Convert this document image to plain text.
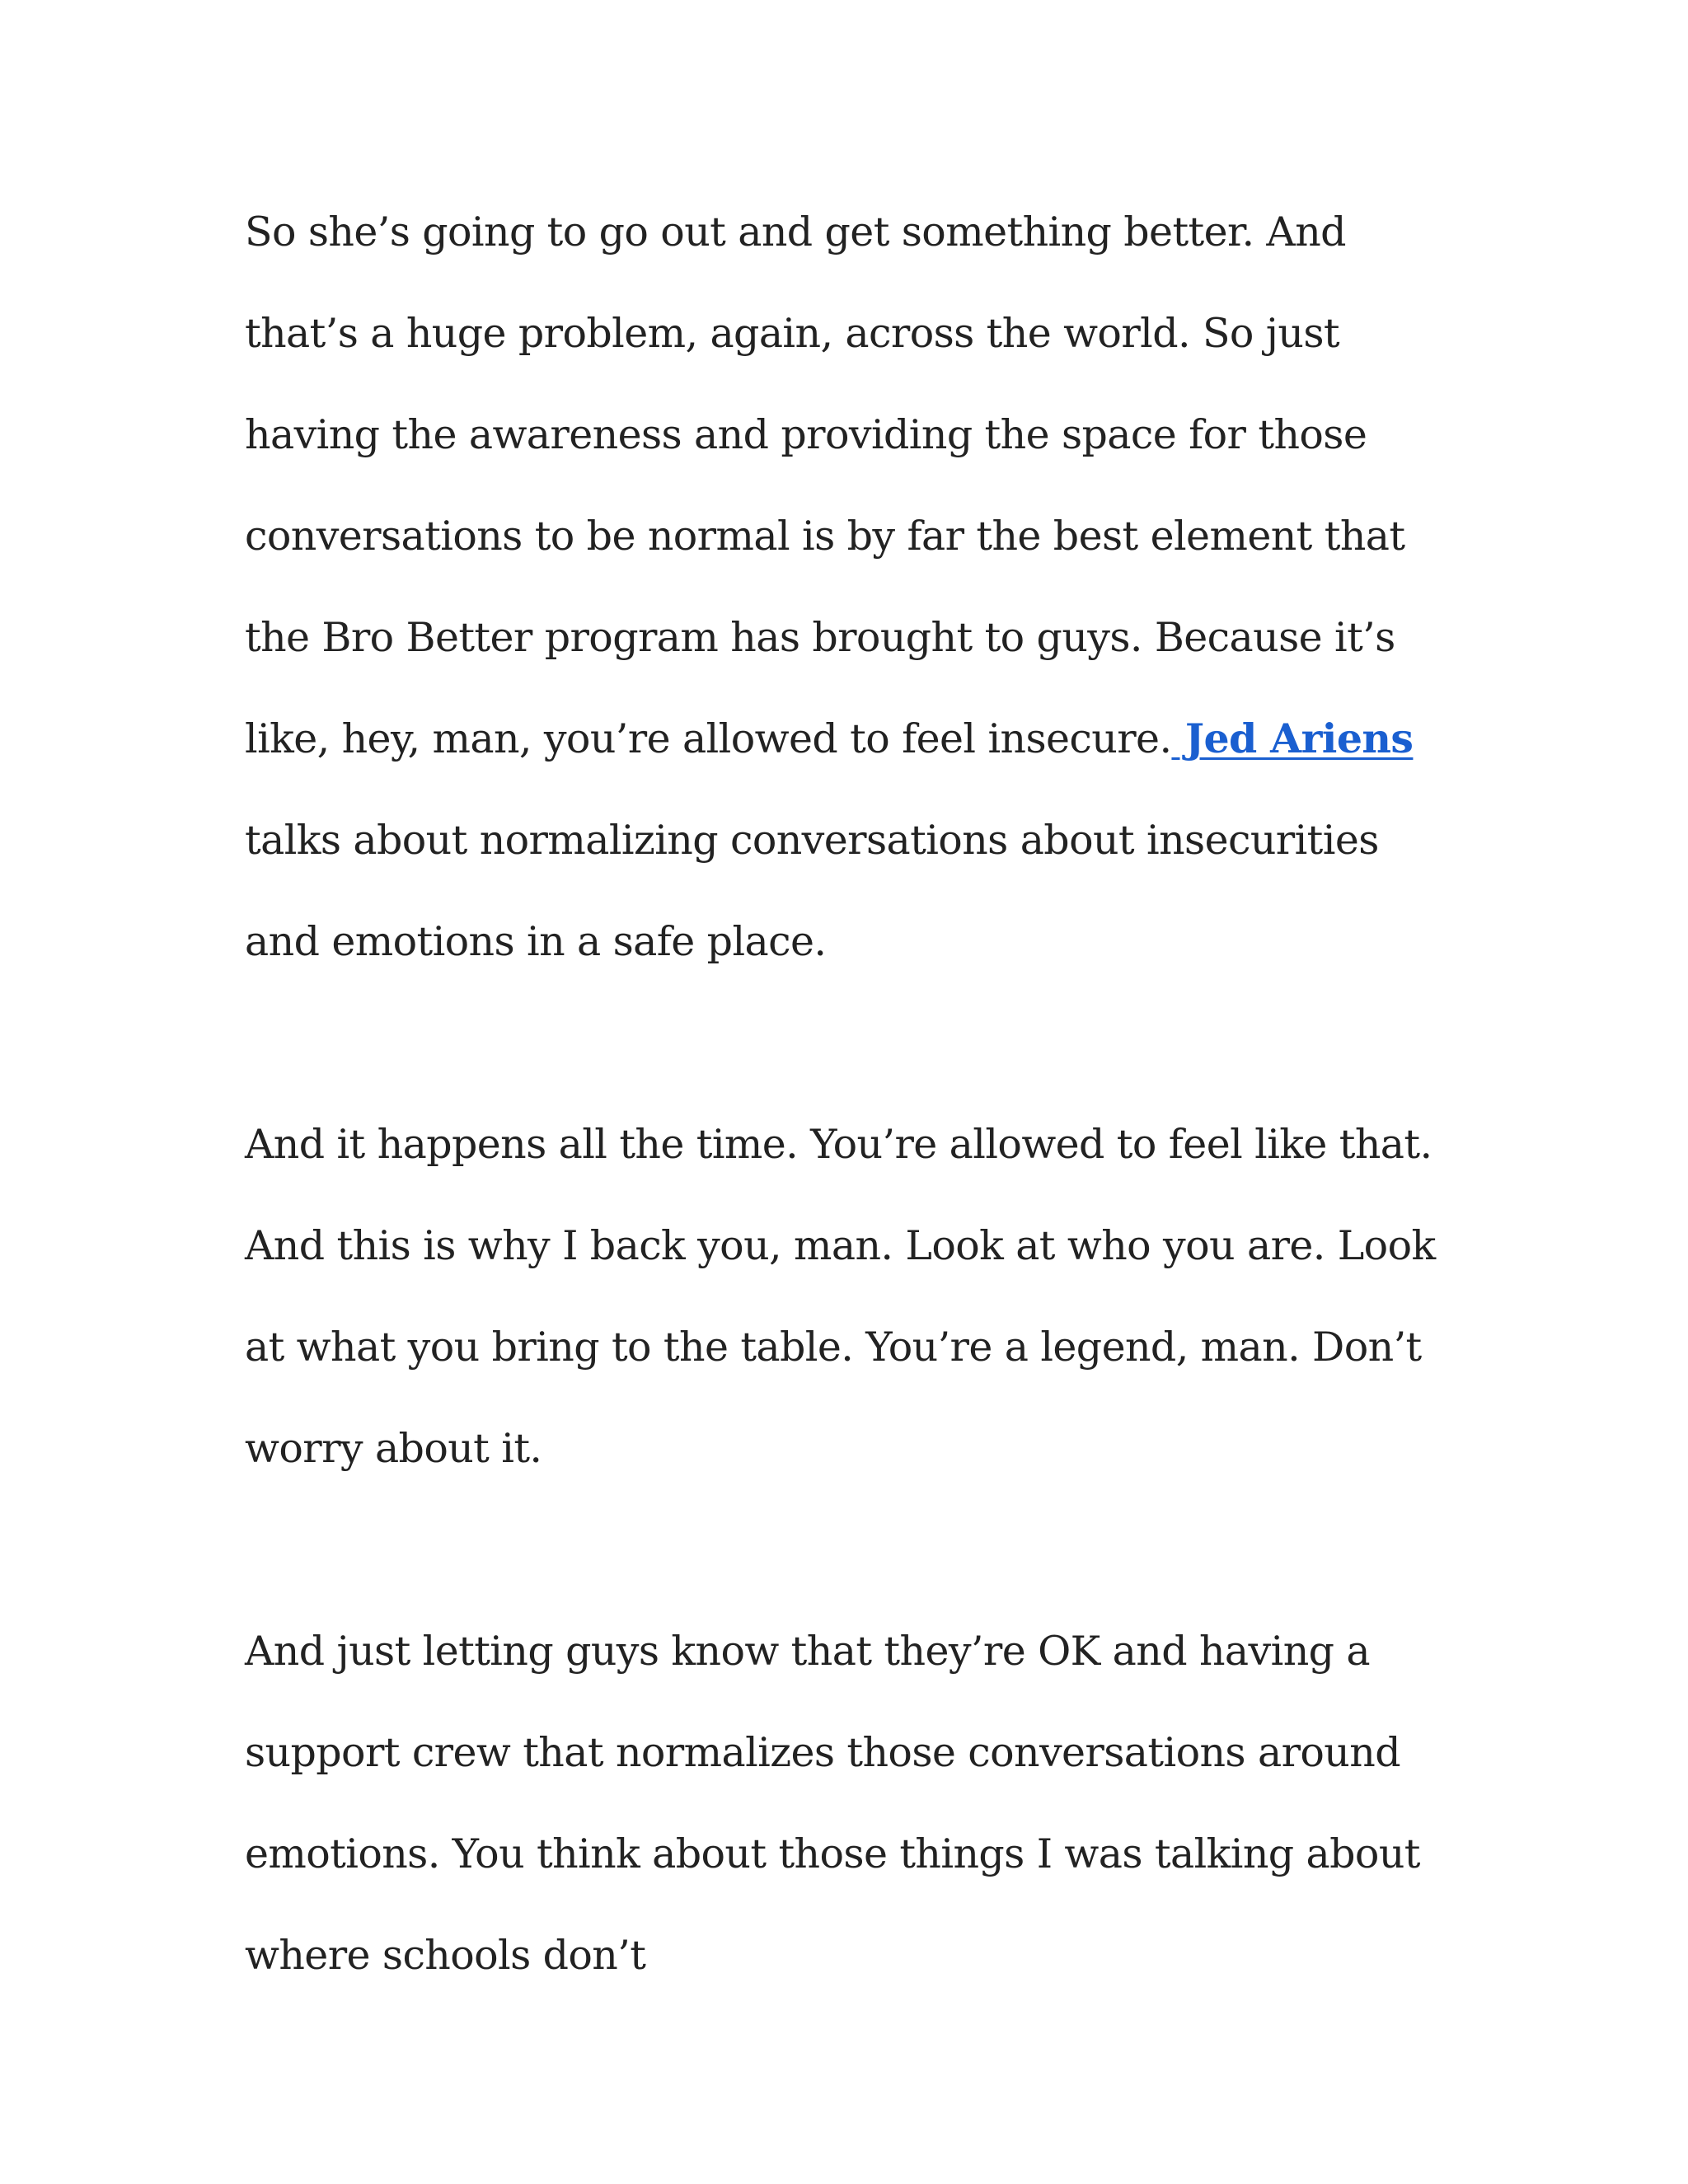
So she’s going to go out and get something better. And that’s a huge problem, again, across the world. So just having the awareness and providing the space for those conversations to be normal is by far the best element that the Bro Better program has brought to guys. Because it’s like, hey, man, you’re allowed to feel insecure. Jed Ariens talks about normalizing conversations about insecurities and emotions in a safe place.

And it happens all the time. You’re allowed to feel like that. And this is why I back you, man. Look at who you are. Look at what you bring to the table. You’re a legend, man. Don’t worry about it.

And just letting guys know that they’re OK and having a support crew that normalizes those conversations around emotions. You think about those things I was talking about where schools don’t
